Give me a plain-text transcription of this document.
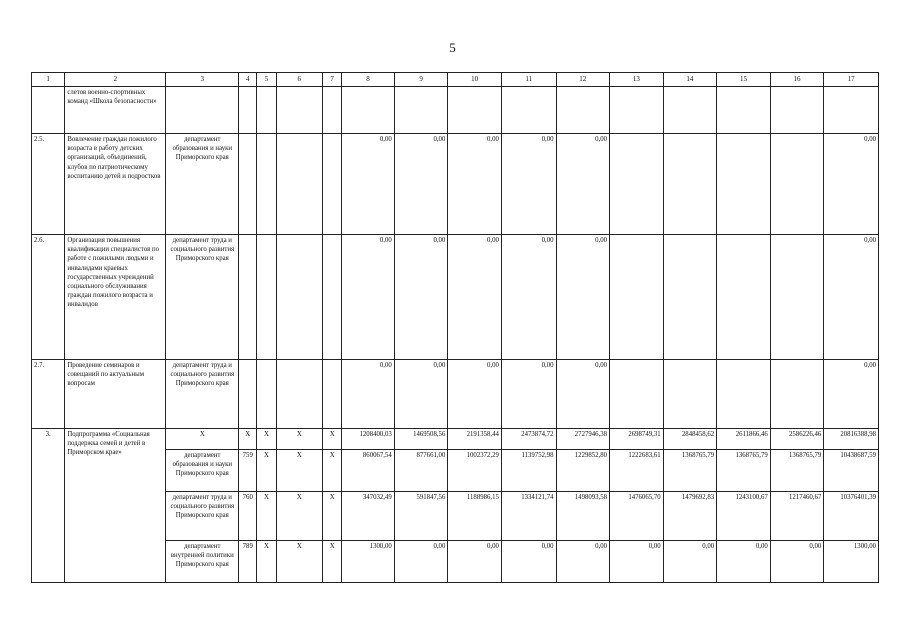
5
1	2	3	4	5	6	7	8	9	10	11	12	13	14	15	16	17
	слетов военно-спортивных команд «Школа безопасности»															
2.5.	Вовлечение граждан пожилого возраста в работу детских организаций, объединений, клубов по патриотическому воспитанию детей и подростков	департамент образования и науки Приморского края					0,00	0,00	0,00	0,00	0,00					0,00
2.6.	Организация повышения квалификации специалистов по работе с пожилыми людьми и инвалидами краевых государственных учреждений социального обслуживания граждан пожилого возраста и инвалидов	департамент труда и социального развития Приморского края					0,00	0,00	0,00	0,00	0,00					0,00
2.7.	Проведение семинаров и совещаний по актуальным вопросам	департамент труда и социального развития Приморского края					0,00	0,00	0,00	0,00	0,00					0,00
3.	Подпрограмма «Социальная поддержка семей и детей в Приморском крае»	X	X	X	X	X	1208400,03	1469508,56	2191358,44	2473874,72	2727946,38	2698749,31	2848458,62	2611866,46	2586226,46	20816388,98
		департамент образования и науки Приморского края	759	X	X	X	860067,54	877661,00	1002372,29	1139752,98	1229852,80	1222683,61	1368765,79	1368765,79	1368765,79	10438687,59
		департамент труда и социального развития Приморского края	760	X	X	X	347032,49	591847,56	1188986,15	1334121,74	1498093,58	1476065,70	1479692,83	1243100,67	1217460,67	10376401,39
		департамент внутренней политики Приморского края	789	X	X	X	1300,00	0,00	0,00	0,00	0,00	0,00	0,00	0,00	0,00	1300,00
